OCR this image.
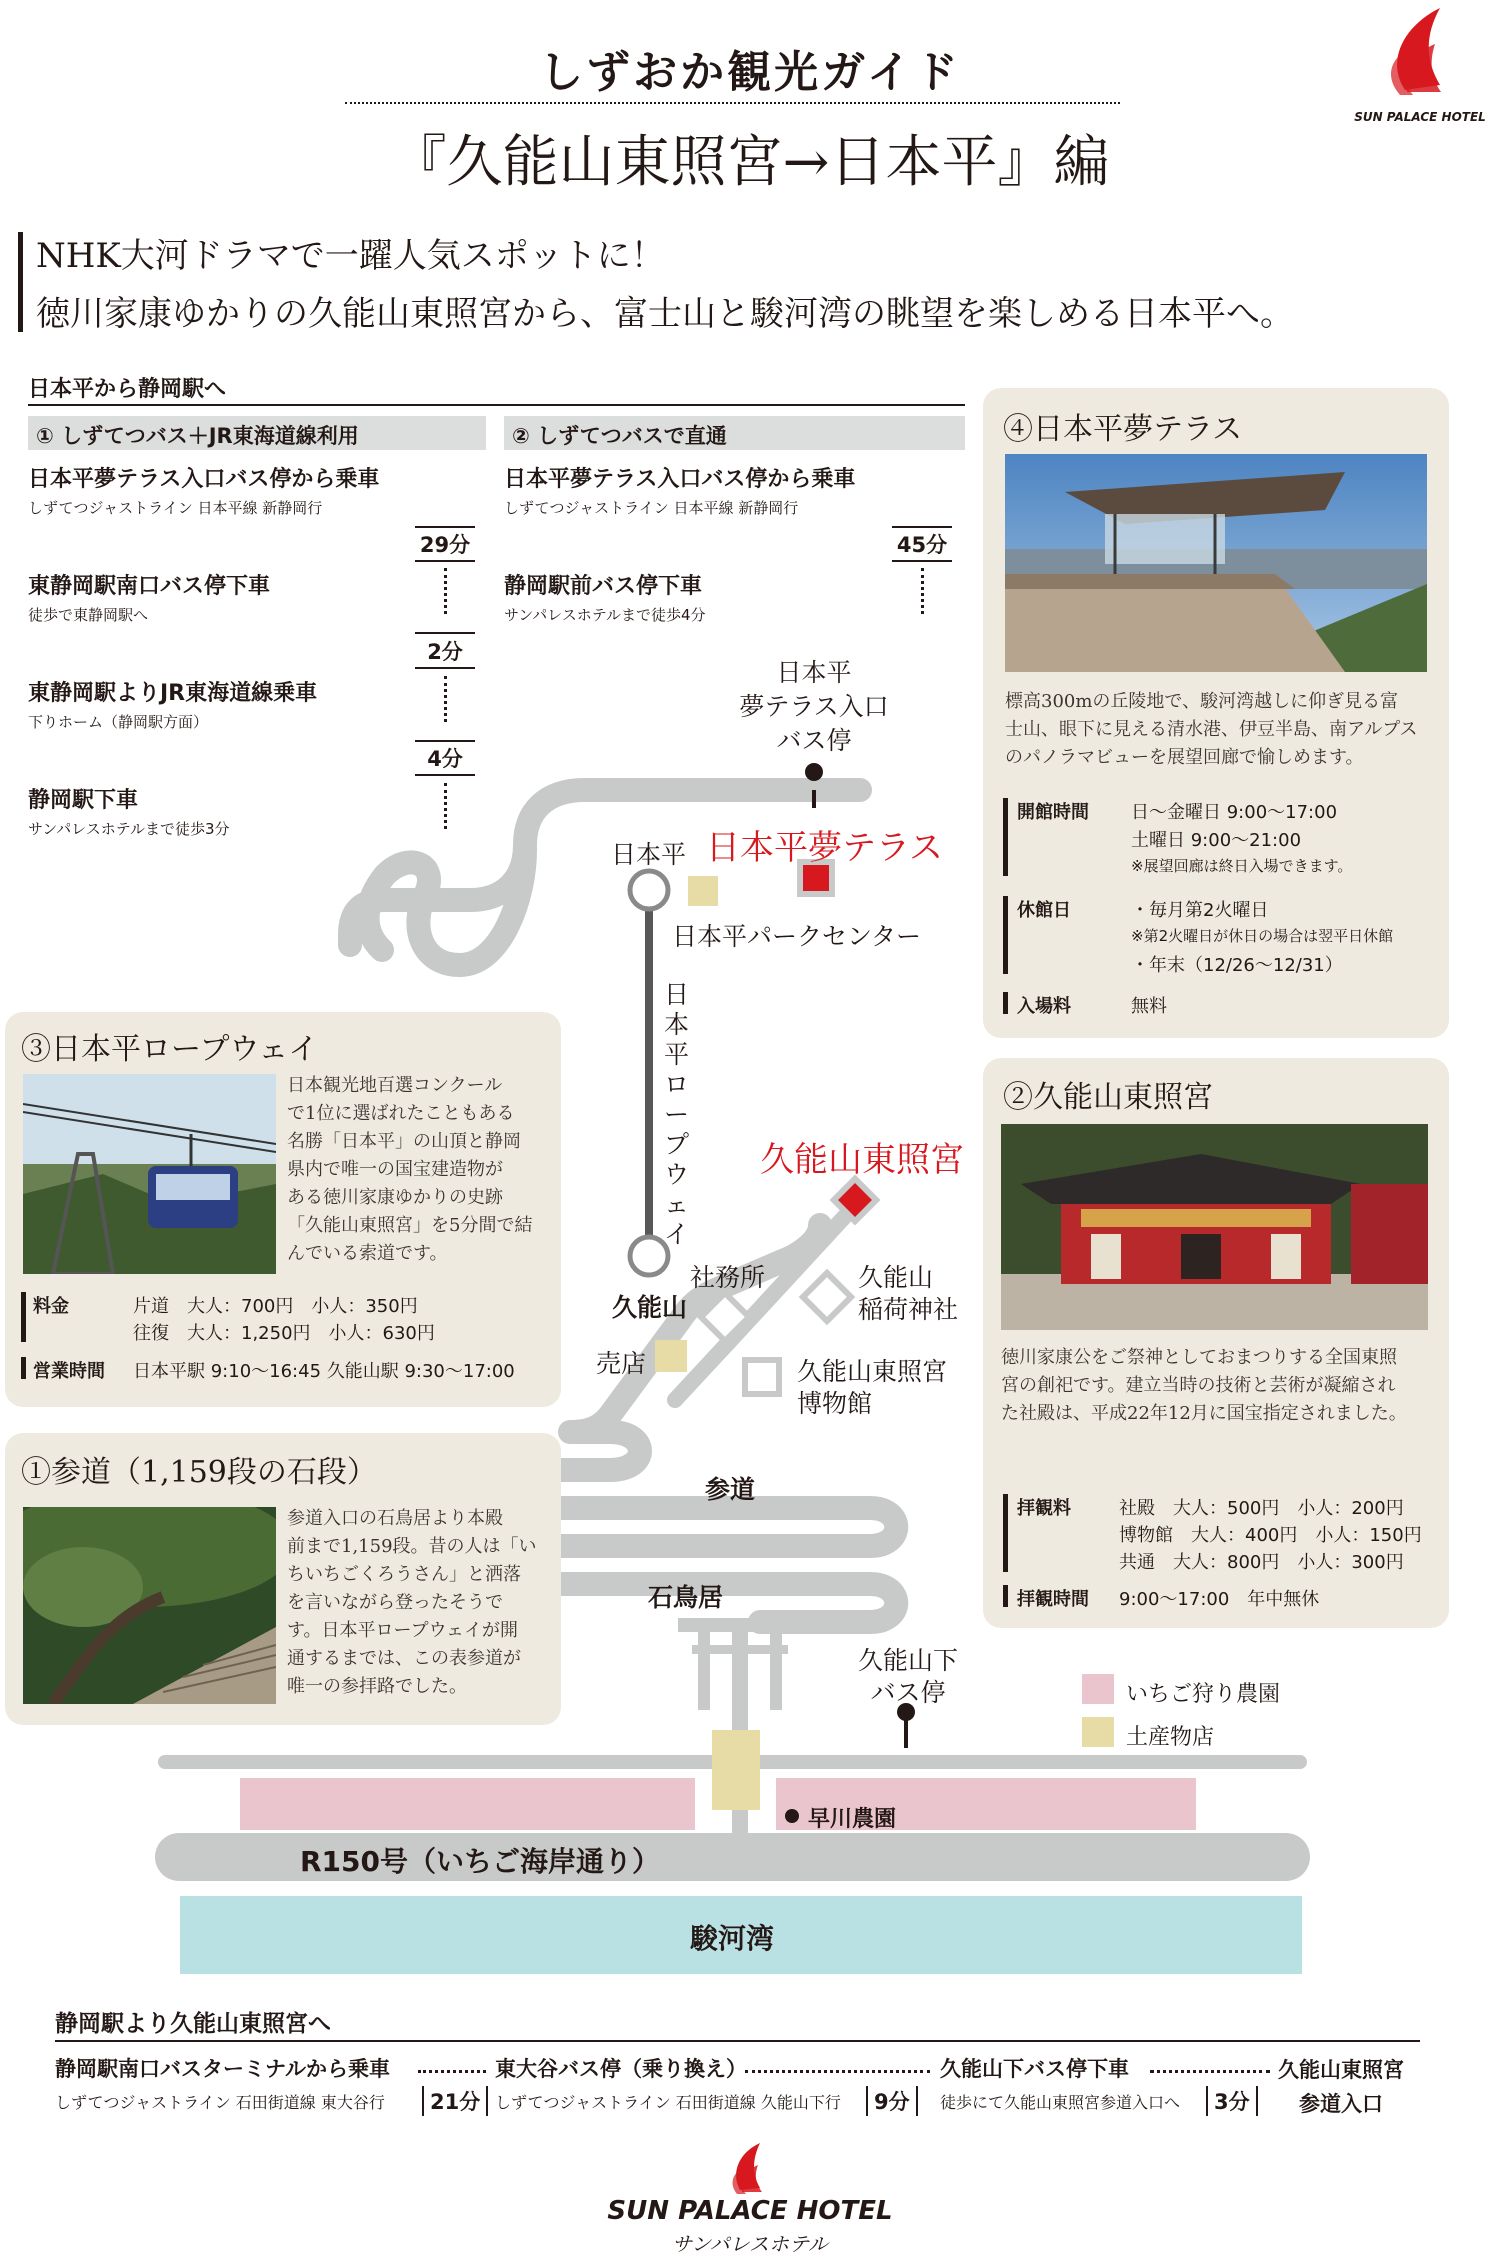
しずおか観光ガイド
『久能山東照宮→日本平』編
SUN PALACE HOTEL
NHK大河ドラマで一躍人気スポットに！
徳川家康ゆかりの久能山東照宮から、富士山と駿河湾の眺望を楽しめる日本平へ。
日本平から静岡駅へ
① しずてつバス＋JR東海道線利用	② しずてつバスで直通
日本平夢テラス入口バス停から乗車
しずてつジャストライン 日本平線 新静岡行
29分
東静岡駅南口バス停下車
徒歩で東静岡駅へ
2分
東静岡駅よりJR東海道線乗車
下りホーム（静岡駅方面）
4分
静岡駅下車
サンパレスホテルまで徒歩3分
日本平夢テラス入口バス停から乗車
しずてつジャストライン 日本平線 新静岡行
45分
静岡駅前バス停下車
サンパレスホテルまで徒歩4分
日本平
夢テラス入口
バス停
日本平 日本平夢テラス
日本平パークセンター
日本平ロープウェイ
久能山東照宮
社務所	久能山
稲荷神社
久能山
売店	久能山東照宮
博物館
参道
石鳥居
久能山下
バス停	いちご狩り農園
土産物店
早川農園
R150号（いちご海岸通り）
駿河湾
④日本平夢テラス
標高300mの丘陵地で、駿河湾越しに仰ぎ見る富
士山、眼下に見える清水港、伊豆半島、南アルプス
のパノラマビューを展望回廊で愉しめます。
開館時間 日～金曜日 9:00～17:00
土曜日 9:00～21:00
※展望回廊は終日入場できます。
休館日	・毎月第2火曜日
※第2火曜日が休日の場合は翌平日休館
・年末（12/26～12/31）
入場料	無料
③日本平ロープウェイ
日本観光地百選コンクール
で1位に選ばれたこともある
名勝「日本平」の山頂と静岡
県内で唯一の国宝建造物が
ある徳川家康ゆかりの史跡
「久能山東照宮」を5分間で結
んでいる索道です。
料金	片道　大人：700円　小人：350円
往復　大人：1,250円　小人：630円
営業時間 日本平駅 9:10～16:45 久能山駅 9:30～17:00
②久能山東照宮
徳川家康公をご祭神としておまつりする全国東照
宮の創祀です。建立当時の技術と芸術が凝縮され
た社殿は、平成22年12月に国宝指定されました。
拝観料	社殿　大人：500円　小人：200円
博物館　大人：400円　小人：150円
共通　大人：800円　小人：300円
拝観時間 9:00～17:00　年中無休
①参道（1,159段の石段）
参道入口の石鳥居より本殿
前まで1,159段。昔の人は「い
ちいちごくろうさん」と洒落
を言いながら登ったそうで
す。日本平ロープウェイが開
通するまでは、この表参道が
唯一の参拝路でした。
静岡駅より久能山東照宮へ
静岡駅南口バスターミナルから乗車
しずてつジャストライン 石田街道線 東大谷行	21分
東大谷バス停（乗り換え）
しずてつジャストライン 石田街道線 久能山下行	9分
久能山下バス停下車
徒歩にて久能山東照宮参道入口へ	3分
久能山東照宮
参道入口
SUN PALACE HOTEL
サンパレスホテル
